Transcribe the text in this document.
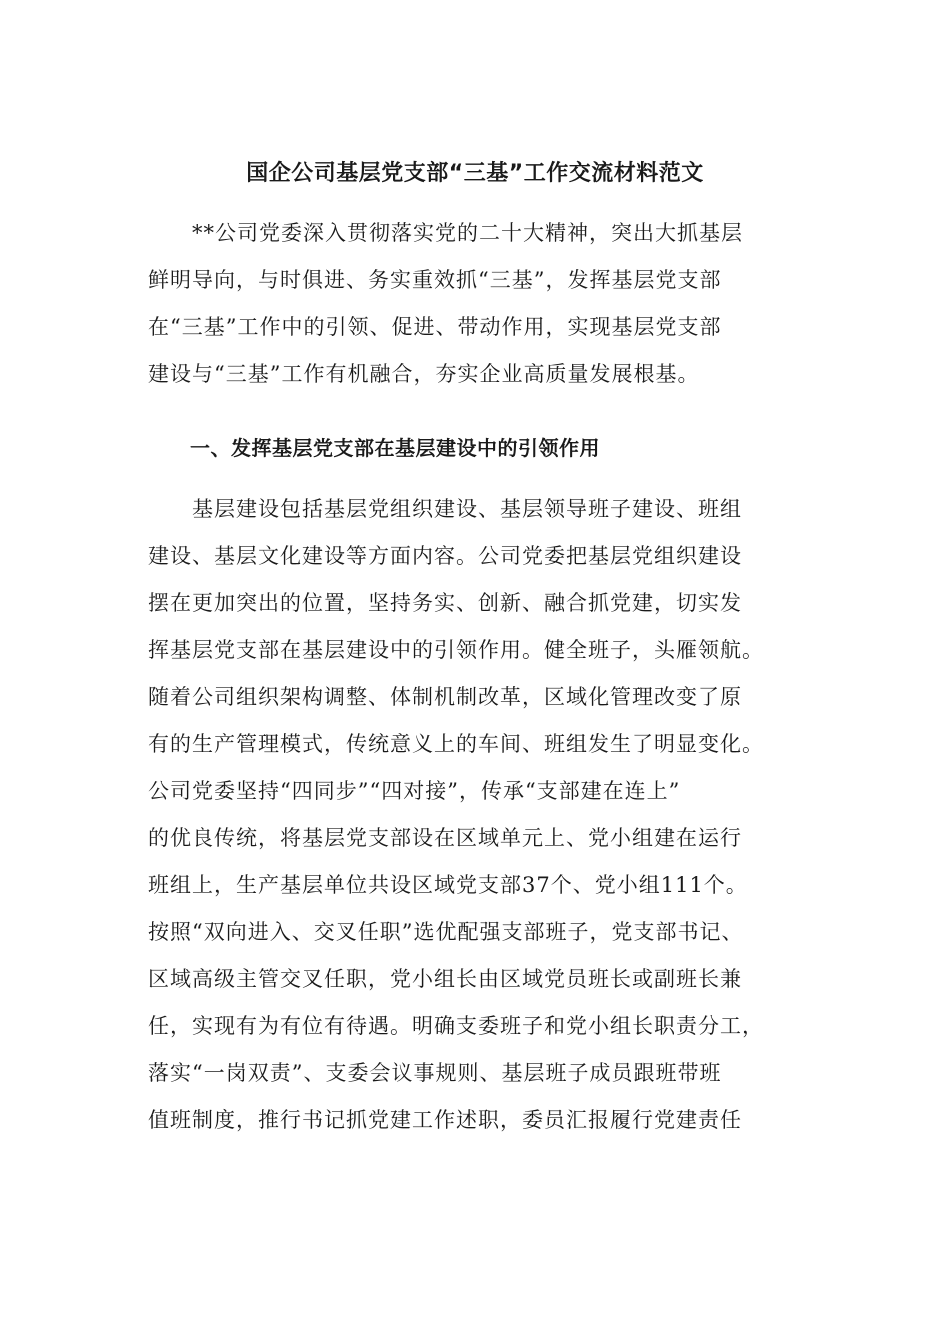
国企公司基层党支部“三基”工作交流材料范文

　　**公司党委深入贯彻落实党的二十大精神，突出大抓基层

鲜明导向，与时俱进、务实重效抓“三基”，发挥基层党支部

在“三基”工作中的引领、促进、带动作用，实现基层党支部

建设与“三基”工作有机融合，夯实企业高质量发展根基。

一、发挥基层党支部在基层建设中的引领作用

　　基层建设包括基层党组织建设、基层领导班子建设、班组

建设、基层文化建设等方面内容。公司党委把基层党组织建设

摆在更加突出的位置，坚持务实、创新、融合抓党建，切实发

挥基层党支部在基层建设中的引领作用。健全班子，头雁领航。

随着公司组织架构调整、体制机制改革，区域化管理改变了原

有的生产管理模式，传统意义上的车间、班组发生了明显变化。

公司党委坚持“四同步”“四对接”，传承“支部建在连上”

的优良传统，将基层党支部设在区域单元上、党小组建在运行

班组上，生产基层单位共设区域党支部37个、党小组111个。

按照“双向进入、交叉任职”选优配强支部班子，党支部书记、

区域高级主管交叉任职，党小组长由区域党员班长或副班长兼

任，实现有为有位有待遇。明确支委班子和党小组长职责分工，

落实“一岗双责”、支委会议事规则、基层班子成员跟班带班

值班制度，推行书记抓党建工作述职，委员汇报履行党建责任
